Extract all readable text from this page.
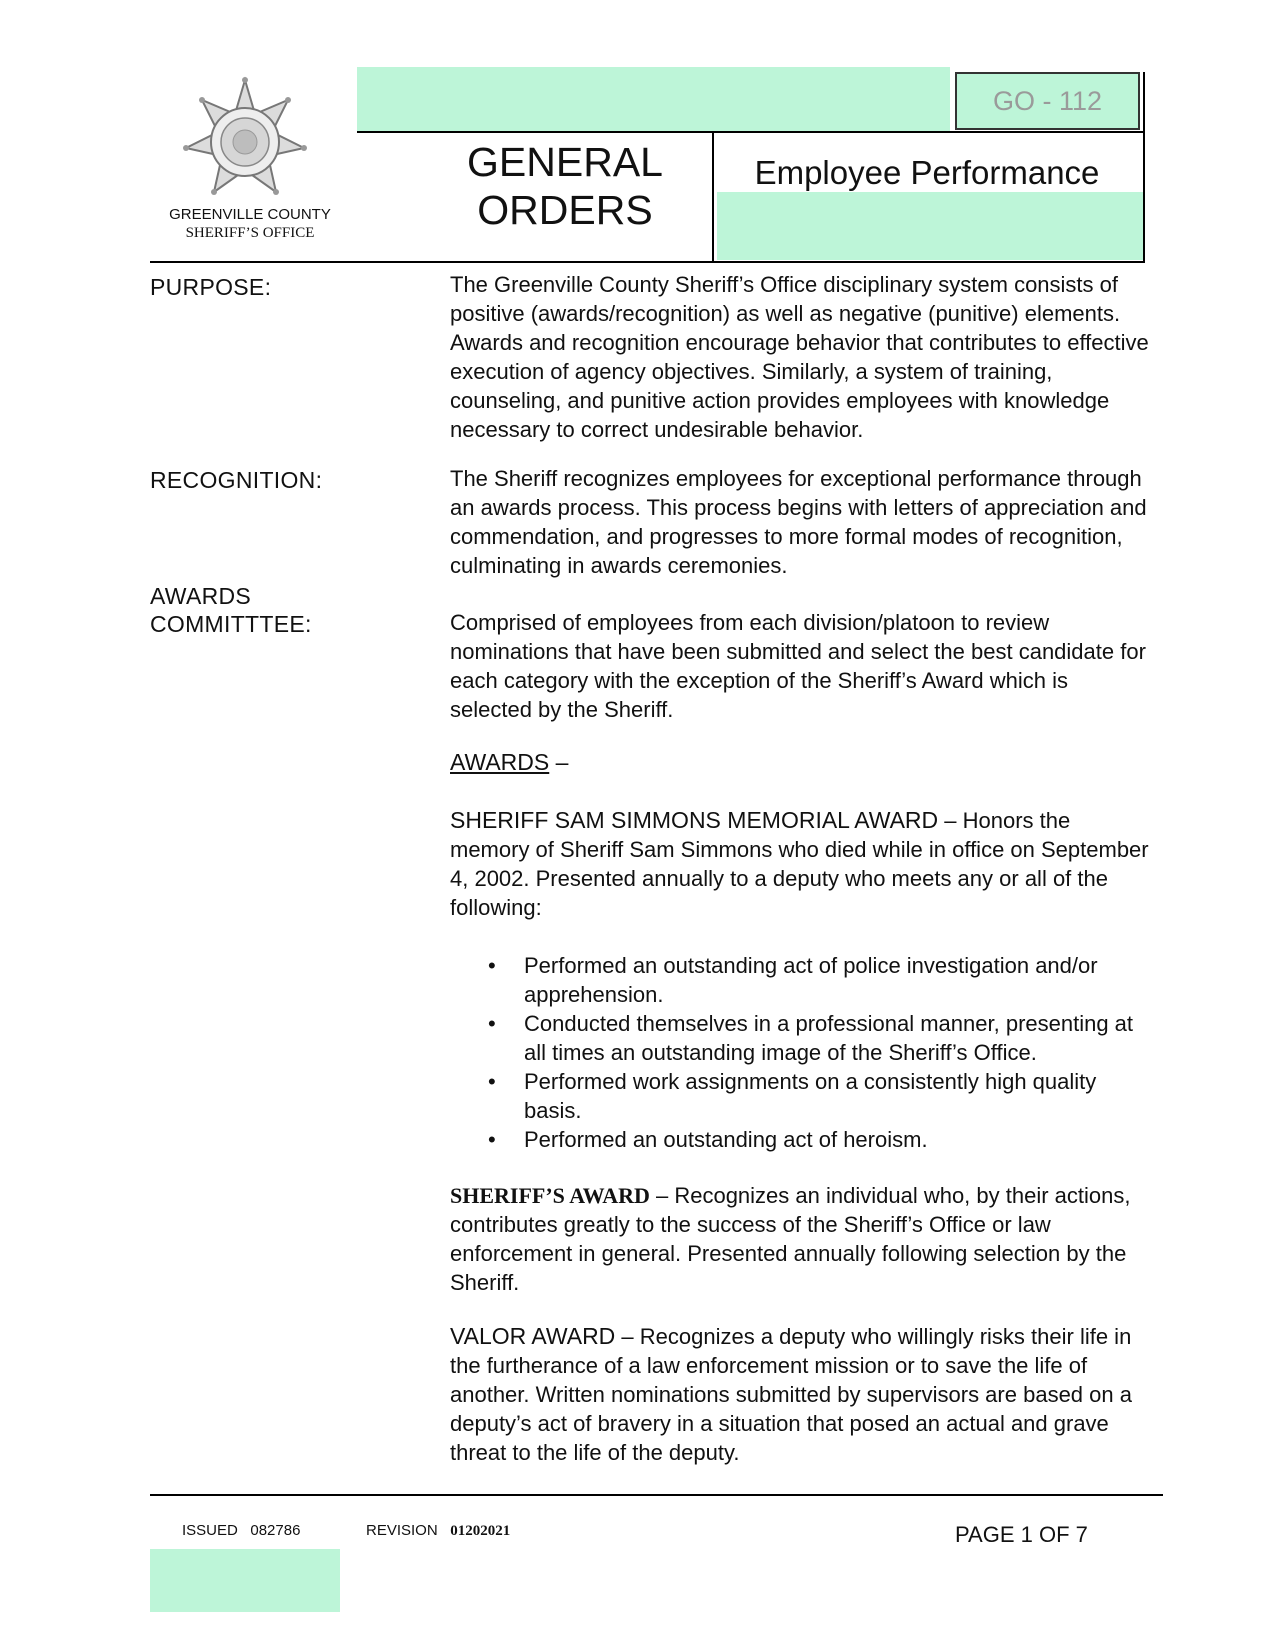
GO - 112
GREENVILLE COUNTY
SHERIFF’S OFFICE
GENERAL
ORDERS
Employee Performance
PURPOSE:	The Greenville County Sheriff’s Office disciplinary system consists of positive (awards/recognition) as well as negative (punitive) elements. Awards and recognition encourage behavior that contributes to effective execution of agency objectives. Similarly, a system of training, counseling, and punitive action provides employees with knowledge necessary to correct undesirable behavior.
RECOGNITION:	The Sheriff recognizes employees for exceptional performance through an awards process. This process begins with letters of appreciation and commendation, and progresses to more formal modes of recognition, culminating in awards ceremonies.
AWARDS
COMMITTTEE:	Comprised of employees from each division/platoon to review nominations that have been submitted and select the best candidate for each category with the exception of the Sheriff’s Award which is selected by the Sheriff.
AWARDS –
SHERIFF SAM SIMMONS MEMORIAL AWARD – Honors the memory of Sheriff Sam Simmons who died while in office on September 4, 2002. Presented annually to a deputy who meets any or all of the following:
• Performed an outstanding act of police investigation and/or apprehension.
• Conducted themselves in a professional manner, presenting at all times an outstanding image of the Sheriff’s Office.
• Performed work assignments on a consistently high quality basis.
• Performed an outstanding act of heroism.
SHERIFF’S AWARD – Recognizes an individual who, by their actions, contributes greatly to the success of the Sheriff’s Office or law enforcement in general. Presented annually following selection by the Sheriff.
VALOR AWARD – Recognizes a deputy who willingly risks their life in the furtherance of a law enforcement mission or to save the life of another. Written nominations submitted by supervisors are based on a deputy’s act of bravery in a situation that posed an actual and grave threat to the life of the deputy.
ISSUED 082786	REVISION 01202021	PAGE 1 OF 7
